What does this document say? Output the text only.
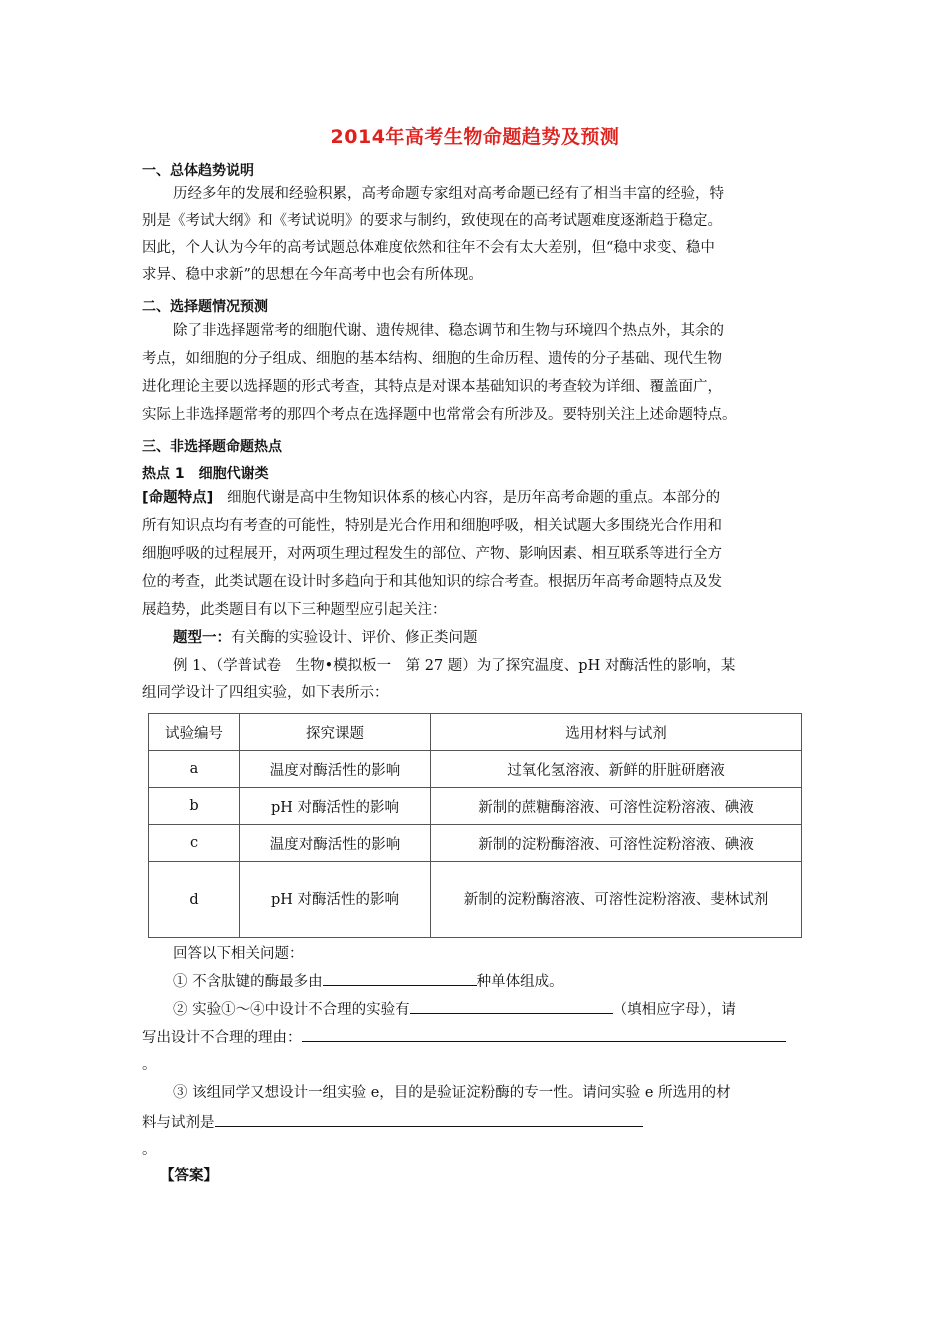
2014年高考生物命题趋势及预测
一、总体趋势说明
历经多年的发展和经验积累，高考命题专家组对高考命题已经有了相当丰富的经验，特
别是《考试大纲》和《考试说明》的要求与制约，致使现在的高考试题难度逐渐趋于稳定。
因此，个人认为今年的高考试题总体难度依然和往年不会有太大差别，但“稳中求变、稳中
求异、稳中求新”的思想在今年高考中也会有所体现。
二、选择题情况预测
除了非选择题常考的细胞代谢、遗传规律、稳态调节和生物与环境四个热点外，其余的
考点，如细胞的分子组成、细胞的基本结构、细胞的生命历程、遗传的分子基础、现代生物
进化理论主要以选择题的形式考查，其特点是对课本基础知识的考查较为详细、覆盖面广，
实际上非选择题常考的那四个考点在选择题中也常常会有所涉及。要特别关注上述命题特点。
三、非选择题命题热点
热点 1　细胞代谢类
[命题特点] 细胞代谢是高中生物知识体系的核心内容，是历年高考命题的重点。本部分的
所有知识点均有考查的可能性，特别是光合作用和细胞呼吸，相关试题大多围绕光合作用和
细胞呼吸的过程展开，对两项生理过程发生的部位、产物、影响因素、相互联系等进行全方
位的考查，此类试题在设计时多趋向于和其他知识的综合考查。根据历年高考命题特点及发
展趋势，此类题目有以下三种题型应引起关注：
题型一：有关酶的实验设计、评价、修正类问题
例 1、（学普试卷　生物•模拟板一　第 27 题）为了探究温度、pH 对酶活性的影响，某
组同学设计了四组实验，如下表所示：
试验编号	探究课题	选用材料与试剂
a	温度对酶活性的影响	过氧化氢溶液、新鲜的肝脏研磨液
b	pH 对酶活性的影响	新制的蔗糖酶溶液、可溶性淀粉溶液、碘液
c	温度对酶活性的影响	新制的淀粉酶溶液、可溶性淀粉溶液、碘液
d	pH 对酶活性的影响	新制的淀粉酶溶液、可溶性淀粉溶液、斐林试剂
回答以下相关问题：
① 不含肽键的酶最多由	种单体组成。
② 实验①～④中设计不合理的实验有	（填相应字母），请
写出设计不合理的理由：
。
③ 该组同学又想设计一组实验 e，目的是验证淀粉酶的专一性。请问实验 e 所选用的材
料与试剂是
。
【答案】
